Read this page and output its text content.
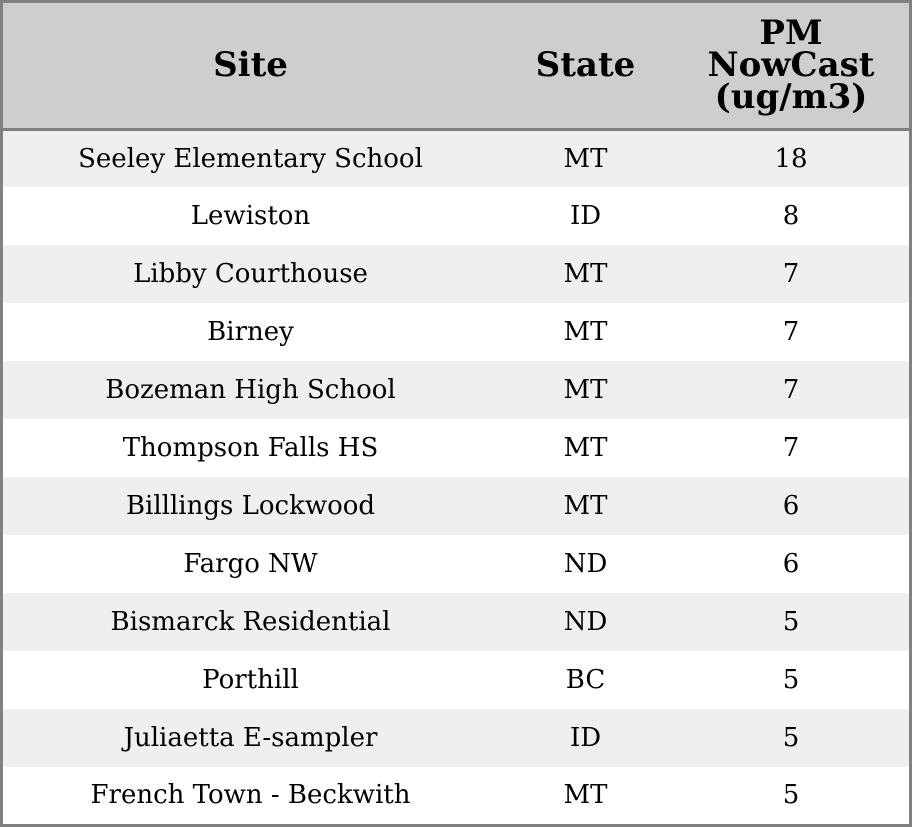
Site	State	PM NowCast (ug/m3)
Seeley Elementary School	MT	18
Lewiston	ID	8
Libby Courthouse	MT	7
Birney	MT	7
Bozeman High School	MT	7
Thompson Falls HS	MT	7
Billlings Lockwood	MT	6
Fargo NW	ND	6
Bismarck Residential	ND	5
Porthill	BC	5
Juliaetta E-sampler	ID	5
French Town - Beckwith	MT	5
